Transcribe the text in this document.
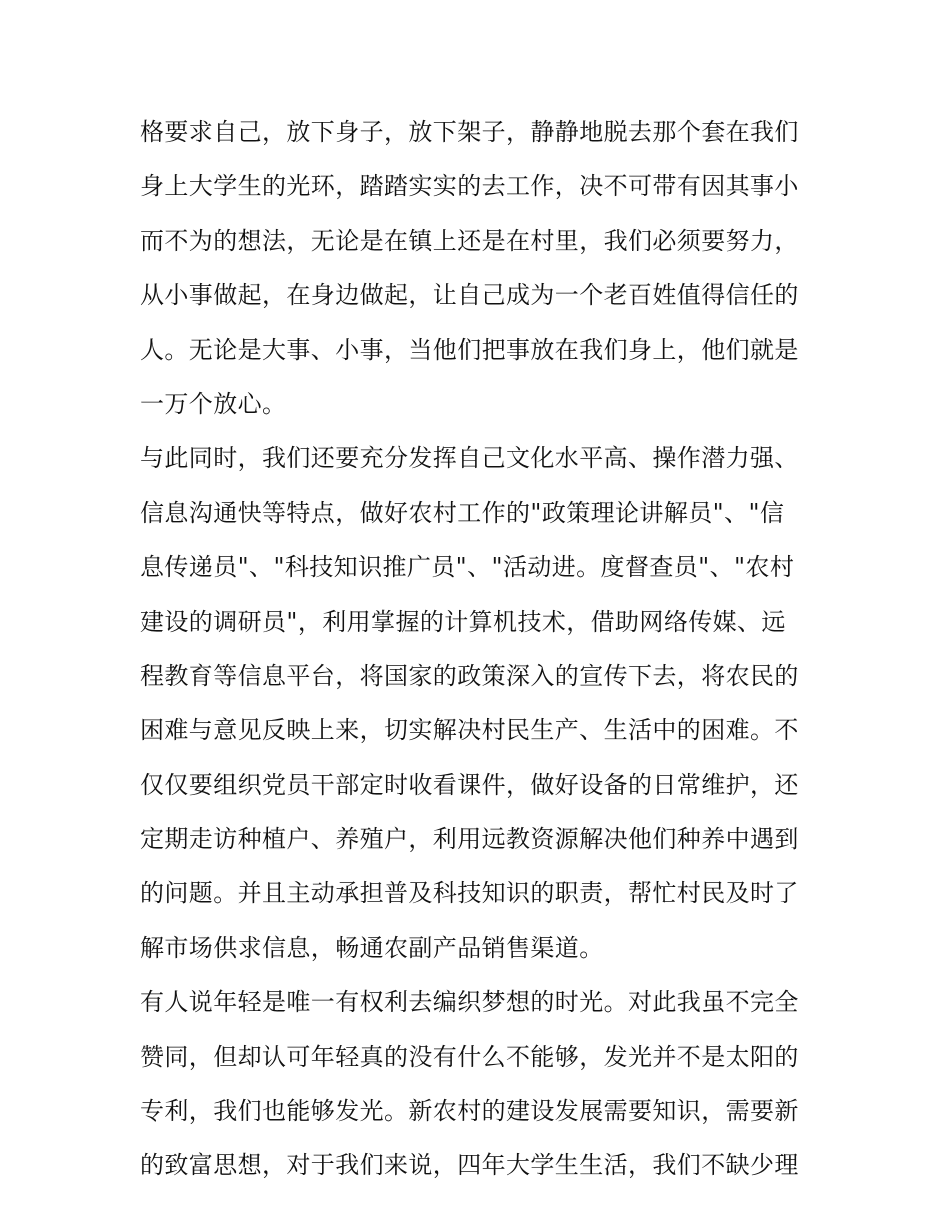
格要求自己，放下身子，放下架子，静静地脱去那个套在我们
身上大学生的光环，踏踏实实的去工作，决不可带有因其事小
而不为的想法，无论是在镇上还是在村里，我们必须要努力，
从小事做起，在身边做起，让自己成为一个老百姓值得信任的
人。无论是大事、小事，当他们把事放在我们身上，他们就是
一万个放心。
与此同时，我们还要充分发挥自己文化水平高、操作潜力强、
信息沟通快等特点，做好农村工作的"政策理论讲解员"、"信
息传递员"、"科技知识推广员"、"活动进。度督查员"、"农村
建设的调研员"，利用掌握的计算机技术，借助网络传媒、远
程教育等信息平台，将国家的政策深入的宣传下去，将农民的
困难与意见反映上来，切实解决村民生产、生活中的困难。不
仅仅要组织党员干部定时收看课件，做好设备的日常维护，还
定期走访种植户、养殖户，利用远教资源解决他们种养中遇到
的问题。并且主动承担普及科技知识的职责，帮忙村民及时了
解市场供求信息，畅通农副产品销售渠道。
有人说年轻是唯一有权利去编织梦想的时光。对此我虽不完全
赞同，但却认可年轻真的没有什么不能够，发光并不是太阳的
专利，我们也能够发光。新农村的建设发展需要知识，需要新
的致富思想，对于我们来说，四年大学生生活，我们不缺少理
